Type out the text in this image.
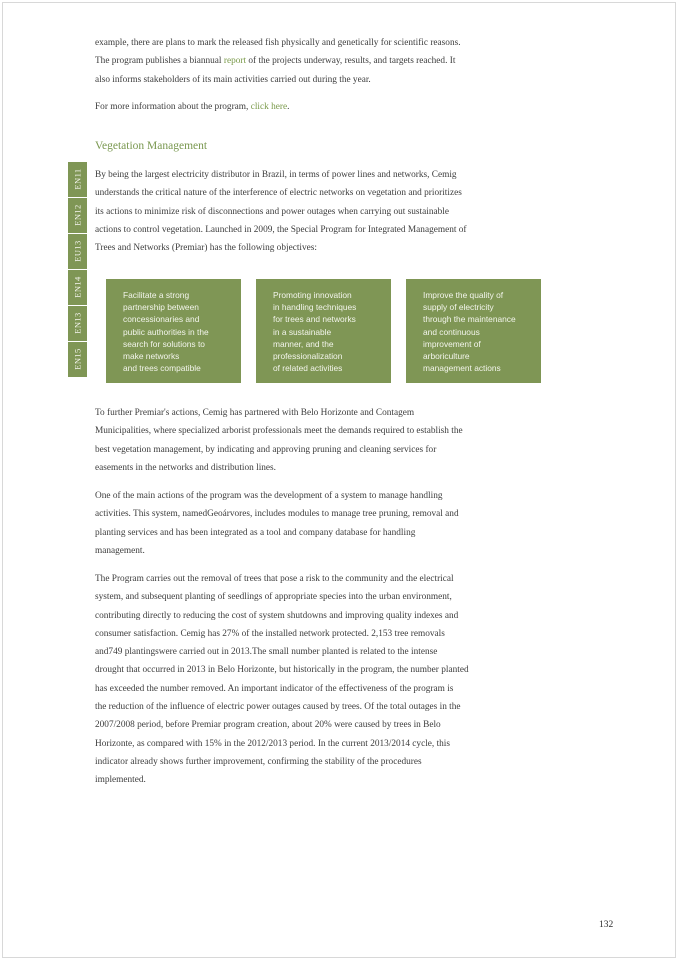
example, there are plans to mark the released fish physically and genetically for scientific reasons.

The program publishes a biannual report of the projects underway, results, and targets reached. It

also informs stakeholders of its main activities carried out during the year.

For more information about the program, click here.

Vegetation Management
EN11
EN12
EU13
EN14
EN13
EN15

By being the largest electricity distributor in Brazil, in terms of power lines and networks, Cemig

understands the critical nature of the interference of electric networks on vegetation and prioritizes

its actions to minimize risk of disconnections and power outages when carrying out sustainable

actions to control vegetation. Launched in 2009, the Special Program for Integrated Management of

Trees and Networks (Premiar) has the following objectives:

Facilitate a strong
partnership between
concessionaries and
public authorities in the
search for solutions to
make networks
and trees compatible
Promoting innovation
in handling techniques
for trees and networks
in a sustainable
manner, and the
professionalization
of related activities
Improve the quality of
supply of electricity
through the maintenance
and continuous
improvement of
arboriculture
management actions

To further Premiar's actions, Cemig has partnered with Belo Horizonte and Contagem

Municipalities, where specialized arborist professionals meet the demands required to establish the

best vegetation management, by indicating and approving pruning and cleaning services for

easements in the networks and distribution lines.

One of the main actions of the program was the development of a system to manage handling

activities. This system, namedGeoárvores, includes modules to manage tree pruning, removal and

planting services and has been integrated as a tool and company database for handling

management.

The Program carries out the removal of trees that pose a risk to the community and the electrical

system, and subsequent planting of seedlings of appropriate species into the urban environment,

contributing directly to reducing the cost of system shutdowns and improving quality indexes and

consumer satisfaction. Cemig has 27% of the installed network protected. 2,153 tree removals

and749 plantingswere carried out in 2013.The small number planted is related to the intense

drought that occurred in 2013 in Belo Horizonte, but historically in the program, the number planted

has exceeded the number removed. An important indicator of the effectiveness of the program is

the reduction of the influence of electric power outages caused by trees. Of the total outages in the

2007/2008 period, before Premiar program creation, about 20% were caused by trees in Belo

Horizonte, as compared with 15% in the 2012/2013 period. In the current 2013/2014 cycle, this

indicator already shows further improvement, confirming the stability of the procedures

implemented.

132
